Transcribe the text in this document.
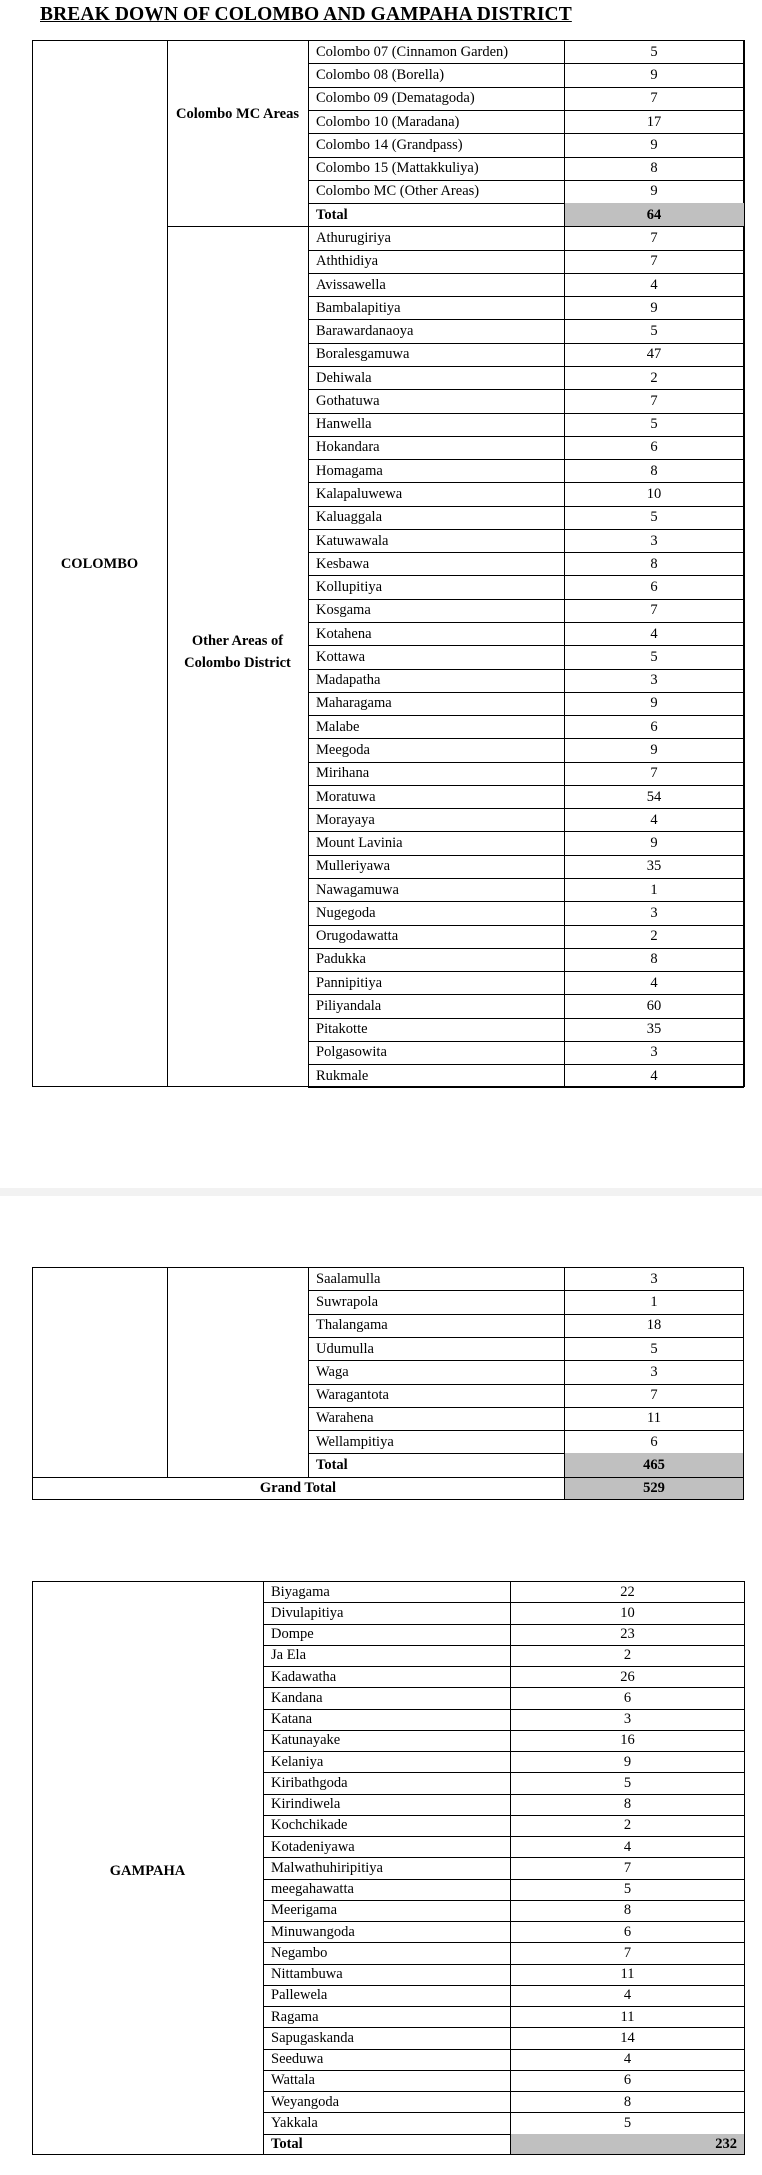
BREAK DOWN OF COLOMBO AND GAMPAHA DISTRICT
Colombo 07 (Cinnamon Garden)	5
Colombo 08 (Borella)	9
Colombo 09 (Dematagoda)	7
Colombo 10 (Maradana)	17
Colombo 14 (Grandpass)	9
Colombo 15 (Mattakkuliya)	8
Colombo MC (Other Areas)	9
Total	64
Colombo MC Areas
Athurugiriya	7
Aththidiya	7
Avissawella	4
Bambalapitiya	9
Barawardanaoya	5
Boralesgamuwa	47
Dehiwala	2
Gothatuwa	7
Hanwella	5
Hokandara	6
Homagama	8
Kalapaluwewa	10
Kaluaggala	5
Katuwawala	3
Kesbawa	8
Kollupitiya	6
Kosgama	7
Kotahena	4
Kottawa	5
Madapatha	3
Maharagama	9
Malabe	6
Meegoda	9
Mirihana	7
Moratuwa	54
Morayaya	4
Mount Lavinia	9
Mulleriyawa	35
Nawagamuwa	1
Nugegoda	3
Orugodawatta	2
Padukka	8
Pannipitiya	4
Piliyandala	60
Pitakotte	35
Polgasowita	3
Rukmale	4
Other Areas of Colombo District
COLOMBO
Saalamulla	3
Suwrapola	1
Thalangama	18
Udumulla	5
Waga	3
Waragantota	7
Warahena	11
Wellampitiya	6
Total	465
Grand Total	529
Biyagama	22
Divulapitiya	10
Dompe	23
Ja Ela	2
Kadawatha	26
Kandana	6
Katana	3
Katunayake	16
Kelaniya	9
Kiribathgoda	5
Kirindiwela	8
Kochchikade	2
Kotadeniyawa	4
Malwathuhiripitiya	7
meegahawatta	5
Meerigama	8
Minuwangoda	6
Negambo	7
Nittambuwa	11
Pallewela	4
Ragama	11
Sapugaskanda	14
Seeduwa	4
Wattala	6
Weyangoda	8
Yakkala	5
Total	232
GAMPAHA
